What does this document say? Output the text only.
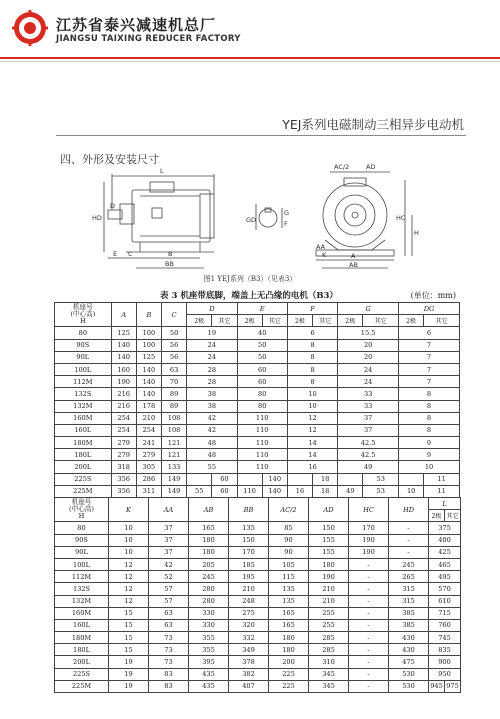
江苏省泰兴减速机总厂
JIANGSU TAIXING REDUCER FACTORY
YEJ系列电磁制动三相异步电动机
四、外形及安装尺寸
L
HD
D
E C	B
BB
GD
G
F
AC/2	AD
HC
H
AA
K	A
AB
图1 YEJ系列（B3）（见表3）
表 3 机座带底脚，端盖上无凸缘的电机（B3）	(单位：mm)
机座号
(中心高)
H	A	B	C	D		E		F		G		DG	
				2极	其它	2极	其它	2极	其它	2极	其它	2极	其它
80	125	100	50	19		40		6		15.5		6	
90S	140	100	56	24		50		8		20		7	
90L	140	125	56	24		50		8		20		7	
100L	160	140	63	28		60		8		24		7	
112M	190	140	70	28		60		8		24		7	
132S	216	140	89	38		80		10		33		8	
132M	216	178	89	38		80		10		33		8	
160M	254	210	108	42		110		12		37		8	
160L	254	254	108	42		110		12		37		8	
180M	279	241	121	48		110		14		42.5		9	
180L	279	279	121	48		110		14		42.5		9	
200L	318	305	133	55		110		16		49		10	
225S	356	286	149		60		140		18		53		11
225M	356	311	149	55	60	110	140	16	18	49	53	10	11
机座号
(中心高)
H	K	AA	AB	BB	AC/2	AD	HC	HD	L	
									2极	其它
80	10	37	165	135	85	150	170	-	375	
90S	10	37	180	150	90	155	190	-	400	
90L	10	37	180	170	90	155	190	-	425	
100L	12	42	205	185	105	180	-	245	465	
112M	12	52	245	195	115	190	-	265	495	
132S	12	57	280	210	135	210	-	315	570	
132M	12	57	280	248	135	210	-	315	610	
160M	15	63	330	275	165	255	-	385	715	
160L	15	63	330	320	165	255	-	385	760	
180M	15	73	355	332	180	285	-	430	745	
180L	15	73	355	349	180	285	-	430	835	
200L	19	73	395	378	200	310	-	475	900	
225S	19	83	435	382	225	345	-	530	950	
225M	19	83	435	407	225	345	-	530	945	975
